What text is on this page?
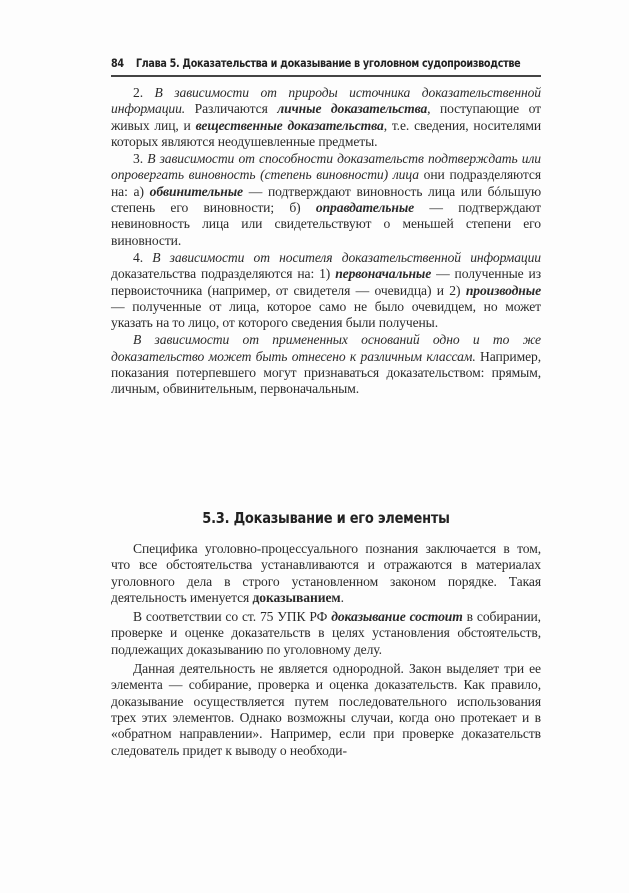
84 Глава 5. Доказательства и доказывание в уголовном судопроизводстве

2. В зависимости от природы источника доказательственной информации. Различаются личные доказательства, поступающие от живых лиц, и вещественные доказательства, т.е. сведения, носителями которых являются неодушевленные предметы.

3. В зависимости от способности доказательств подтверждать или опровергать виновность (степень виновности) лица они подразделяются на: а) обвинительные — подтверждают виновность лица или бóльшую степень его виновности; б) оправдательные — подтверждают невиновность лица или свидетельствуют о меньшей степени его виновности.

4. В зависимости от носителя доказательственной информации доказательства подразделяются на: 1) первоначальные — полученные из первоисточника (например, от свидетеля — очевидца) и 2) производные — полученные от лица, которое само не было очевидцем, но может указать на то лицо, от которого сведения были получены.

В зависимости от примененных оснований одно и то же доказательство может быть отнесено к различным классам. Например, показания потерпевшего могут признаваться доказательством: прямым, личным, обвинительным, первоначальным.

5.3. Доказывание и его элементы

Специфика уголовно-процессуального познания заключается в том, что все обстоятельства устанавливаются и отражаются в материалах уголовного дела в строго установленном законом порядке. Такая деятельность именуется доказыванием.

В соответствии со ст. 75 УПК РФ доказывание состоит в собирании, проверке и оценке доказательств в целях установления обстоятельств, подлежащих доказыванию по уголовному делу.

Данная деятельность не является однородной. Закон выделяет три ее элемента — собирание, проверка и оценка доказательств. Как правило, доказывание осуществляется путем последовательного использования трех этих элементов. Однако возможны случаи, когда оно протекает и в «обратном направлении». Например, если при проверке доказательств следователь придет к выводу о необходи-
